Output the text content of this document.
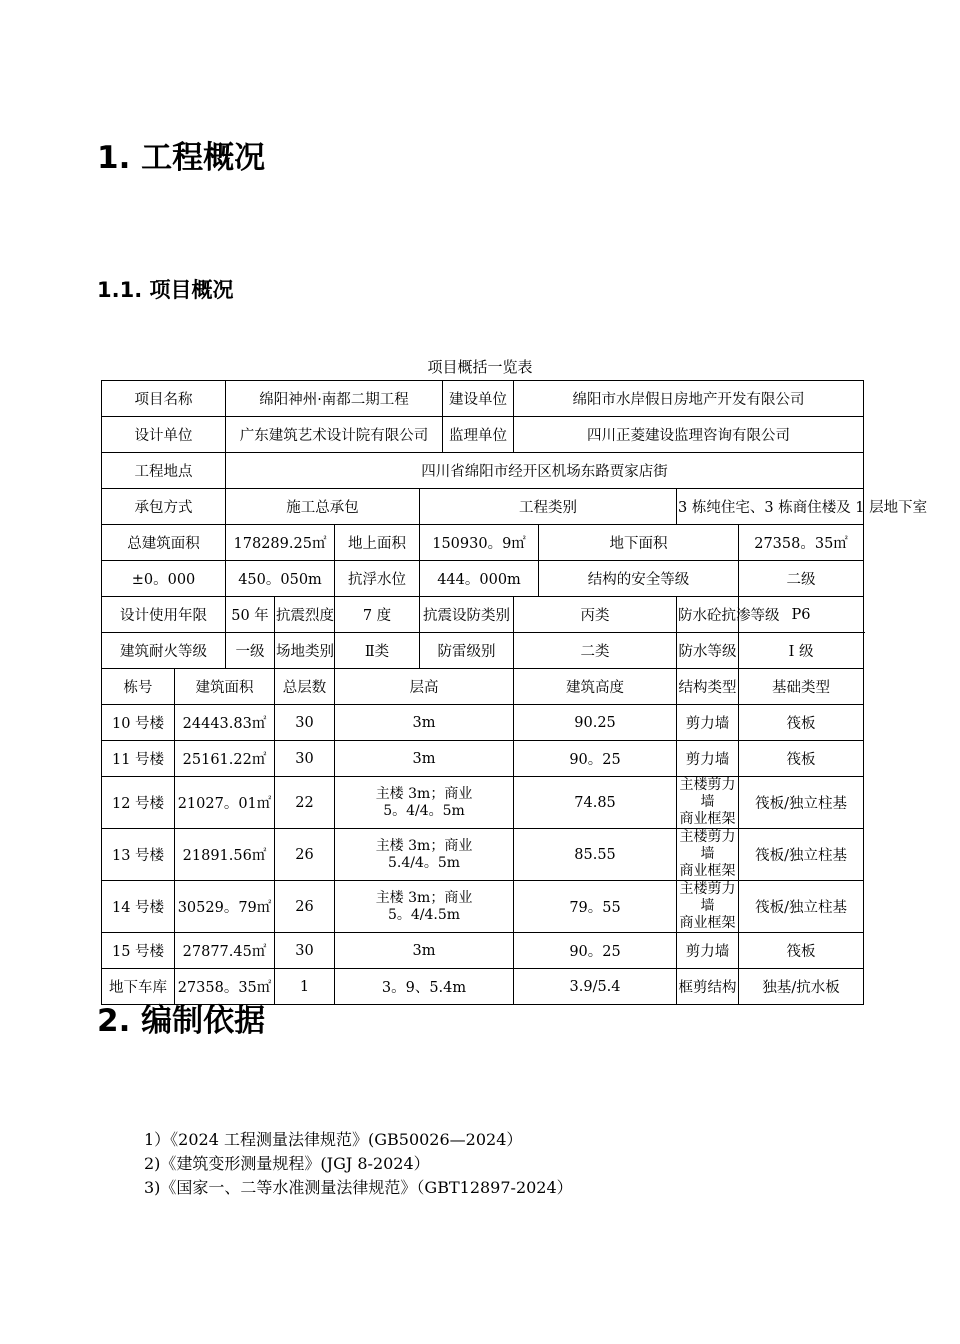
1. 工程概况
1.1. 项目概况
项目概括一览表
项目名称		绵阳神州·南都二期工程				建设单位	绵阳市水岸假日房地产开发有限公司			
设计单位		广东建筑艺术设计院有限公司				监理单位	四川正菱建设监理咨询有限公司			
工程地点		四川省绵阳市经开区机场东路贾家店街								
承包方式		施工总承包			工程类别				3 栋纯住宅、3 栋商住楼及 1 层地下室	
总建筑面积		178289.25㎡		地上面积	150930。9㎡			地下面积		27358。35㎡
±0。000		450。050m		抗浮水位	444。000m			结构的安全等级		二级
设计使用年限		50 年	抗震烈度	7 度	抗震设防类别		丙类		防水砼抗渗等级	P6
建筑耐火等级		一级	场地类别	Ⅱ类	防雷级别		二类		防水等级	Ⅰ 级
栋号	建筑面积		总层数	层高			建筑高度		结构类型	基础类型
10 号楼	24443.83㎡		30	3m			90.25		剪力墙	筏板
11 号楼	25161.22㎡		30	3m			90。25		剪力墙	筏板
12 号楼	21027。01㎡		22	主楼 3m；商业
5。4/4。5m			74.85		主楼剪力墙
商业框架	筏板/独立柱基
13 号楼	21891.56㎡		26	主楼 3m；商业
5.4/4。5m			85.55		主楼剪力墙
商业框架	筏板/独立柱基
14 号楼	30529。79㎡		26	主楼 3m；商业
5。4/4.5m			79。55		主楼剪力墙
商业框架	筏板/独立柱基
15 号楼	27877.45㎡		30	3m			90。25		剪力墙	筏板
地下车库	27358。35㎡		1	3。9、5.4m			3.9/5.4		框剪结构	独基/抗水板
2. 编制依据
1）《2024 工程测量法律规范》(GB50026—2024）
2)《建筑变形测量规程》(JGJ 8-2024）
3)《国家一、二等水准测量法律规范》（GBT12897-2024）
